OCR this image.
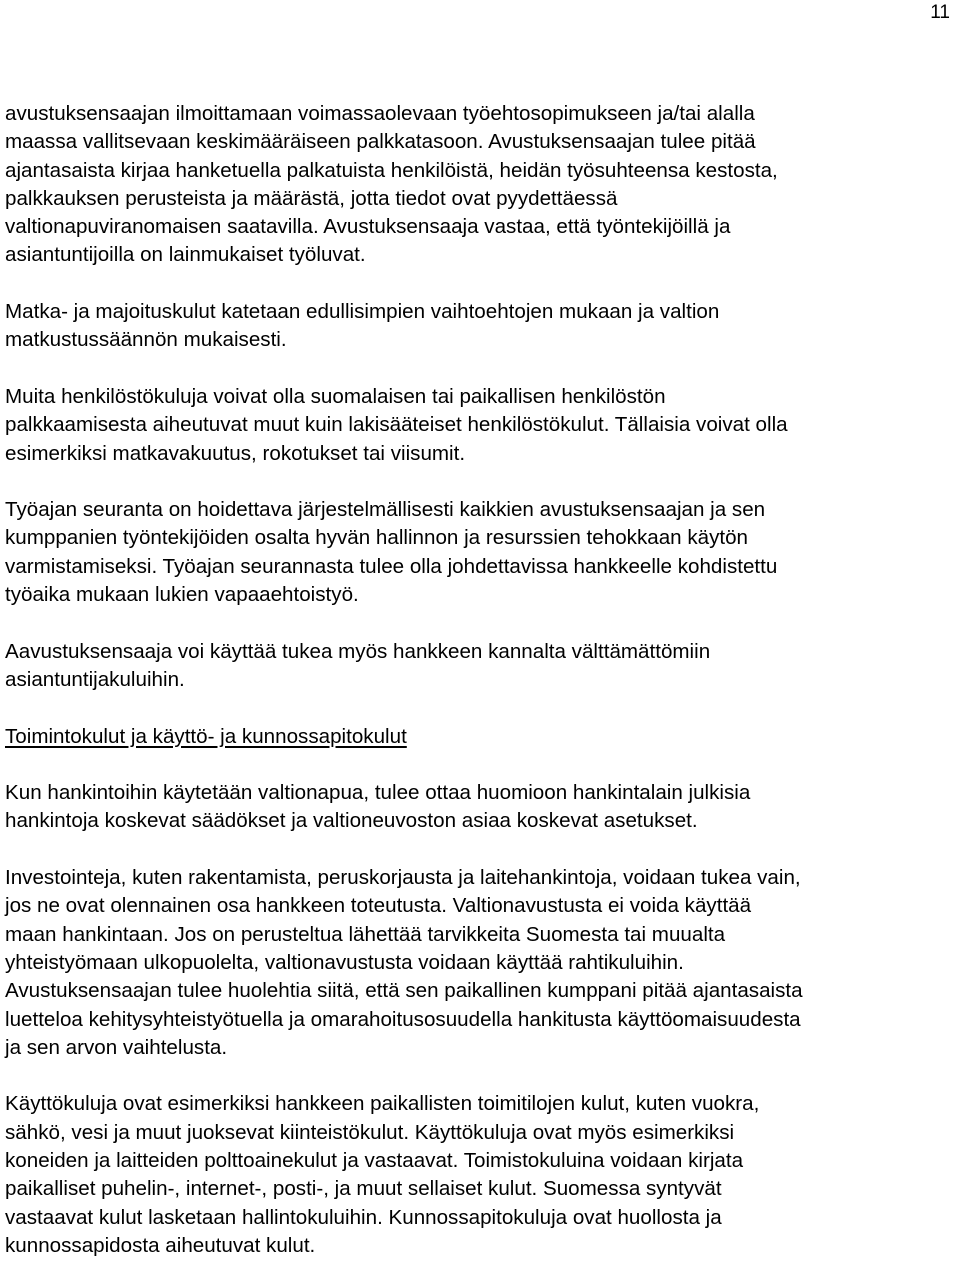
11

avustuksensaajan ilmoittamaan voimassaolevaan työehtosopimukseen ja/tai alalla
maassa vallitsevaan keskimääräiseen palkkatasoon. Avustuksensaajan tulee pitää
ajantasaista kirjaa hanketuella palkatuista henkilöistä, heidän työsuhteensa kestosta,
palkkauksen perusteista ja määrästä, jotta tiedot ovat pyydettäessä
valtionapuviranomaisen saatavilla. Avustuksensaaja vastaa, että työntekijöillä ja
asiantuntijoilla on lainmukaiset työluvat.

Matka- ja majoituskulut katetaan edullisimpien vaihtoehtojen mukaan ja valtion
matkustussäännön mukaisesti.

Muita henkilöstökuluja voivat olla suomalaisen tai paikallisen henkilöstön
palkkaamisesta aiheutuvat muut kuin lakisääteiset henkilöstökulut. Tällaisia voivat olla
esimerkiksi matkavakuutus, rokotukset tai viisumit.

Työajan seuranta on hoidettava järjestelmällisesti kaikkien avustuksensaajan ja sen
kumppanien työntekijöiden osalta hyvän hallinnon ja resurssien tehokkaan käytön
varmistamiseksi. Työajan seurannasta tulee olla johdettavissa hankkeelle kohdistettu
työaika mukaan lukien vapaaehtoistyö.

Aavustuksensaaja voi käyttää tukea myös hankkeen kannalta välttämättömiin
asiantuntijakuluihin.

Toimintokulut ja käyttö- ja kunnossapitokulut

Kun hankintoihin käytetään valtionapua, tulee ottaa huomioon hankintalain julkisia
hankintoja koskevat säädökset ja valtioneuvoston asiaa koskevat asetukset.

Investointeja, kuten rakentamista, peruskorjausta ja laitehankintoja, voidaan tukea vain,
jos ne ovat olennainen osa hankkeen toteutusta. Valtionavustusta ei voida käyttää
maan hankintaan. Jos on perusteltua lähettää tarvikkeita Suomesta tai muualta
yhteistyömaan ulkopuolelta, valtionavustusta voidaan käyttää rahtikuluihin.
Avustuksensaajan tulee huolehtia siitä, että sen paikallinen kumppani pitää ajantasaista
luetteloa kehitysyhteistyötuella ja omarahoitusosuudella hankitusta käyttöomaisuudesta
ja sen arvon vaihtelusta.

Käyttökuluja ovat esimerkiksi hankkeen paikallisten toimitilojen kulut, kuten vuokra,
sähkö, vesi ja muut juoksevat kiinteistökulut. Käyttökuluja ovat myös esimerkiksi
koneiden ja laitteiden polttoainekulut ja vastaavat. Toimistokuluina voidaan kirjata
paikalliset puhelin-, internet-, posti-, ja muut sellaiset kulut. Suomessa syntyvät
vastaavat kulut lasketaan hallintokuluihin. Kunnossapitokuluja ovat huollosta ja
kunnossapidosta aiheutuvat kulut.
